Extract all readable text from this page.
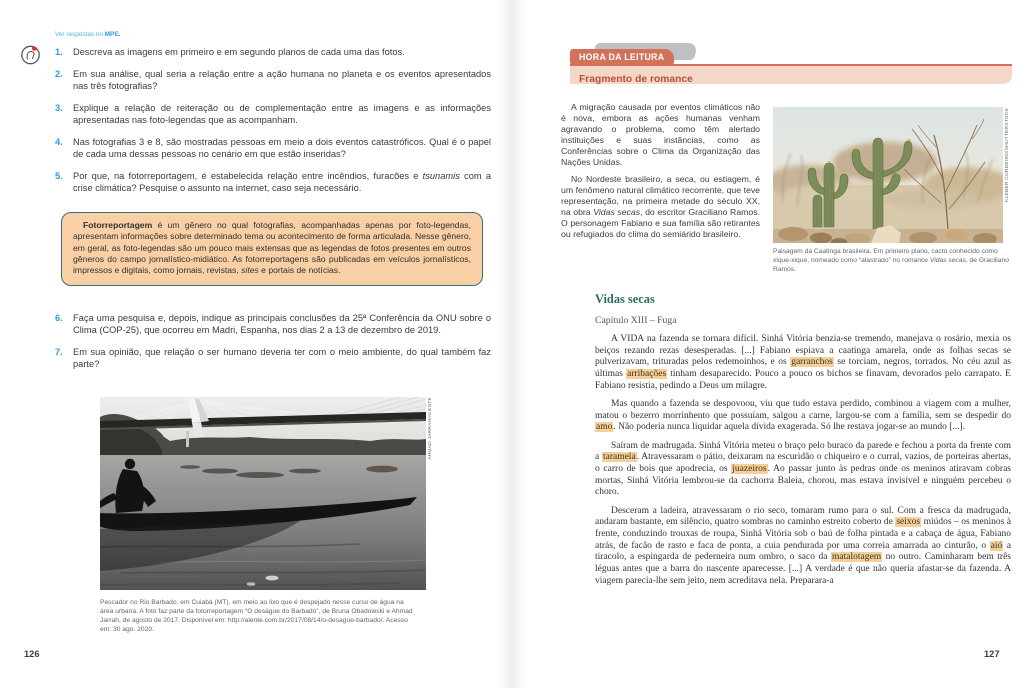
Ver respostas no MPE.
1.	Descreva as imagens em primeiro e em segundo planos de cada uma das fotos.
2.	Em sua análise, qual seria a relação entre a ação humana no planeta e os eventos apresentados nas três fotografias?
3.	Explique a relação de reiteração ou de complementação entre as imagens e as informações apresentadas nas foto-legendas que as acompanham.
4.	Nas fotografias 3 e 8, são mostradas pessoas em meio a dois eventos catastróficos. Qual é o papel de cada uma dessas pessoas no cenário em que estão inseridas?
5.	Por que, na fotorreportagem, é estabelecida relação entre incêndios, furacões e tsunamis com a crise climática? Pesquise o assunto na internet, caso seja necessário.
Fotorreportagem é um gênero no qual fotografias, acompanhadas apenas por foto-legendas, apresentam informações sobre determinado tema ou acontecimento de forma articulada. Nesse gênero, em geral, as foto-legendas são um pouco mais extensas que as legendas de fotos presentes em outros gêneros do campo jornalístico-midiático. As fotorreportagens são publicadas em veículos jornalísticos, impressos e digitais, como jornais, revistas, sites e portais de notícias.
6.	Faça uma pesquisa e, depois, indique as principais conclusões da 25ª Conferência da ONU sobre o Clima (COP-25), que ocorreu em Madri, Espanha, nos dias 2 a 13 de dezembro de 2019.
7.	Em sua opinião, que relação o ser humano deveria ter com o meio ambiente, do qual também faz parte?
AHMAD JARRAH/ALENTE
Pescador no Rio Barbado, em Cuiabá (MT), em meio ao lixo que é despejado nesse curso de água na área urbana. A foto faz parte da fotorreportagem “O deságue do Barbado”, de Bruna Obadowski e Ahmad Jarrah, de agosto de 2017. Disponível em: http://alente.com.br/2017/08/14/o-desague-barbado/. Acesso em: 30 ago. 2020.
126
HORA DA LEITURA
Fragmento de romance

A migração causada por eventos climáticos não é nova, embora as ações humanas venham agravando o problema, como têm alertado instituições e suas instâncias, como as Conferências sobre o Clima da Organização das Nações Unidas.

No Nordeste brasileiro, a seca, ou estiagem, é um fenômeno natural climático recorrente, que teve representação, na primeira metade do século XX, na obra Vidas secas, do escritor Graciliano Ramos. O personagem Fabiano e sua família são retirantes ou refugiados do clima do semiárido brasileiro.

KLEBER CORDEIRO/SHUTTERSTOCK
Paisagem da Caatinga brasileira. Em primeiro plano, cacto conhecido como xique-xique, nomeado como “alastrado” no romance Vidas secas, de Graciliano Ramos.
Vidas secas
Capítulo XIII – Fuga

A VIDA na fazenda se tornara difícil. Sinhá Vitória benzia-se tremendo, manejava o rosário, mexia os beiços rezando rezas desesperadas. [...] Fabiano espiava a caatinga amarela, onde as folhas secas se pulverizavam, trituradas pelos redemoinhos, e os garranchos se torciam, negros, torrados. No céu azul as últimas arribações tinham desaparecido. Pouco a pouco os bichos se finavam, devorados pelo carrapato. E Fabiano resistia, pedindo a Deus um milagre.

Mas quando a fazenda se despovoou, viu que tudo estava perdido, combinou a viagem com a mulher, matou o bezerro morrinhento que possuíam, salgou a carne, largou-se com a família, sem se despedir do amo. Não poderia nunca liquidar aquela dívida exagerada. Só lhe restava jogar-se ao mundo [...].

Saíram de madrugada. Sinhá Vitória meteu o braço pelo buraco da parede e fechou a porta da frente com a taramela. Atravessaram o pátio, deixaram na escuridão o chiqueiro e o curral, vazios, de porteiras abertas, o carro de bois que apodrecia, os juazeiros. Ao passar junto às pedras onde os meninos atiravam cobras mortas, Sinhá Vitória lembrou-se da cachorra Baleia, chorou, mas estava invisível e ninguém percebeu o choro.

Desceram a ladeira, atravessaram o rio seco, tomaram rumo para o sul. Com a fresca da madrugada, andaram bastante, em silêncio, quatro sombras no caminho estreito coberto de seixos miúdos – os meninos à frente, conduzindo trouxas de roupa, Sinhá Vitória sob o baú de folha pintada e a cabaça de água, Fabiano atrás, de facão de rasto e faca de ponta, a cuia pendurada por uma correia amarrada ao cinturão, o aió a tiracolo, a espingarda de pederneira num ombro, o saco da matalotagem no outro. Caminharam bem três léguas antes que a barra do nascente aparecesse. [...] A verdade é que não queria afastar-se da fazenda. A viagem parecia-lhe sem jeito, nem acreditava nela. Preparara-a

127
